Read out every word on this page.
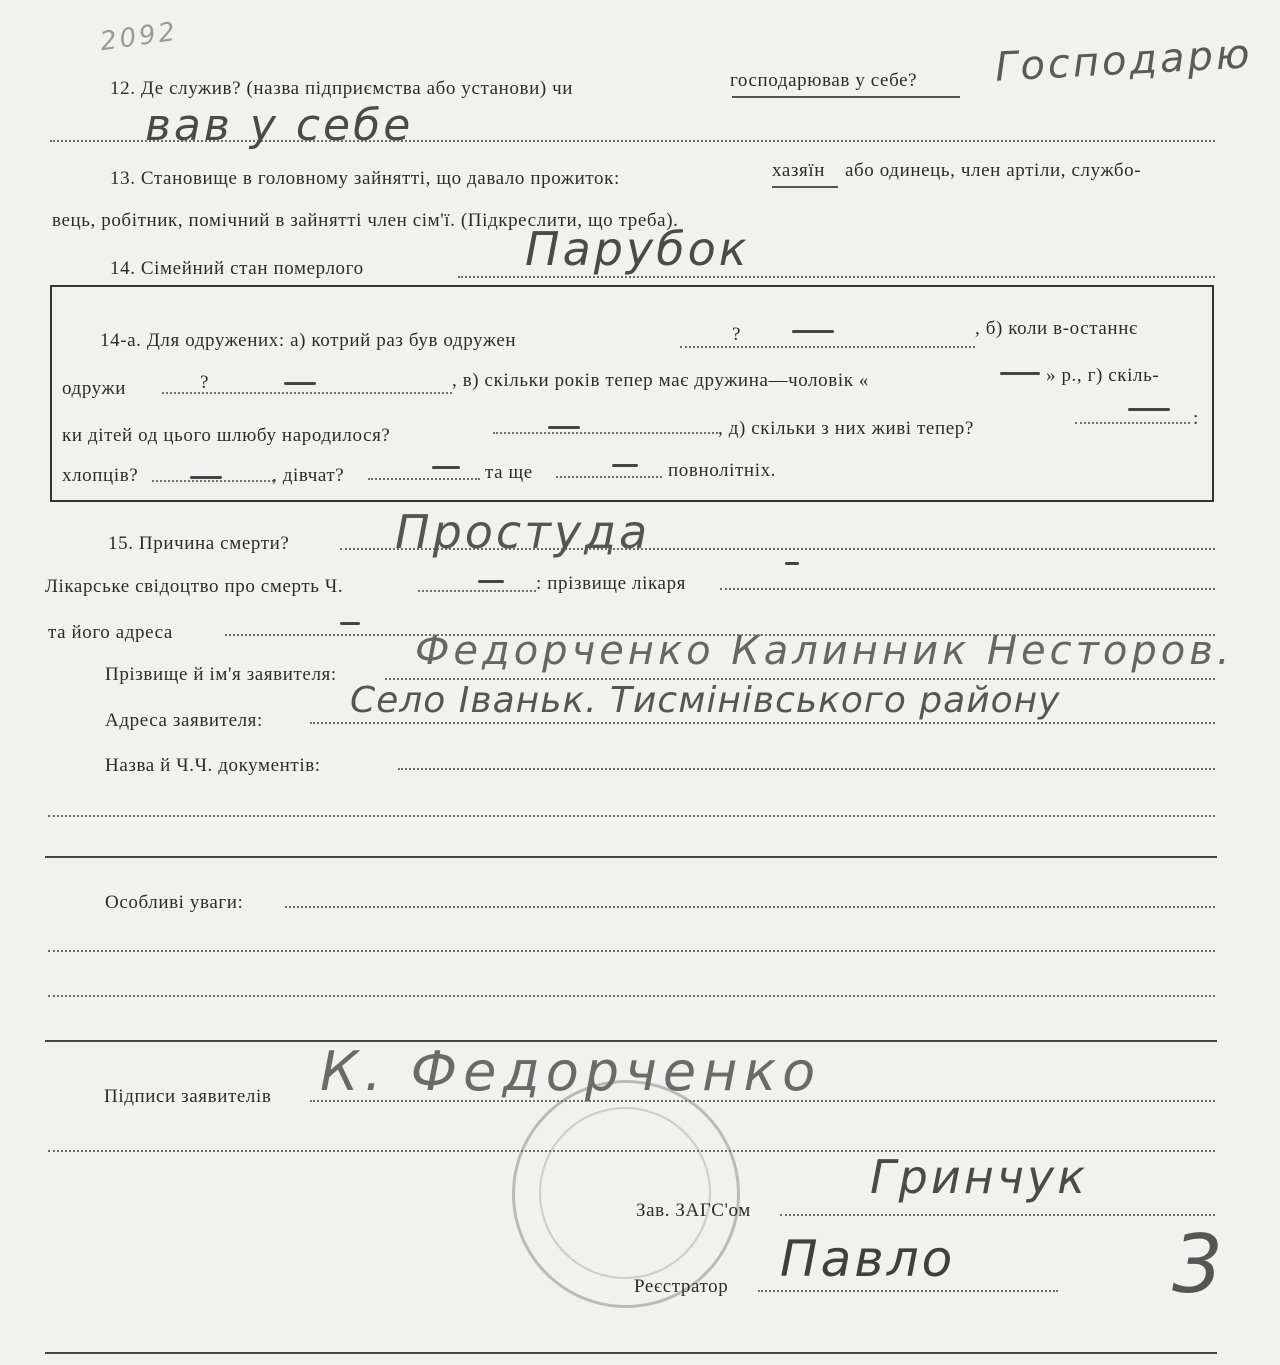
2092
12. Де служив? (назва підприємства або установи) чи	господарював у себе? Господарю
вав у себе
13. Становище в головному зайнятті, що давало прожиток:	хазяїн або одинець, член артіли, службо-
вець, робітник, помічний в зайнятті член сім'ї. (Підкреслити, що треба).
14. Сімейний стан померлого	Парубок
14-а. Для одружених: а) котрий раз був одружен	?	, б) коли в-останнє
одружи	?	, в) скільки років тепер має дружина—чоловік «	» р., г) скіль-
ки дітей од цього шлюбу народилося?	, д) скільки з них живі тепер?	:
хлопців?	, дівчат?	та ще	повнолітніх.
15. Причина смерти? Простуда
Лікарське свідоцтво про смерть Ч.	: прізвище лікаря
та його адреса
Прізвище й ім'я заявителя:
Федорченко Калинник Несторов.
Адреса заявителя: Село Іваньк. Тисмінівського району
Назва й Ч.Ч. документів:
Особливі уваги:
Підписи заявителів К. Федорченко
Зав. ЗАГС'ом
Гринчук
Реєстратор Павло	3
